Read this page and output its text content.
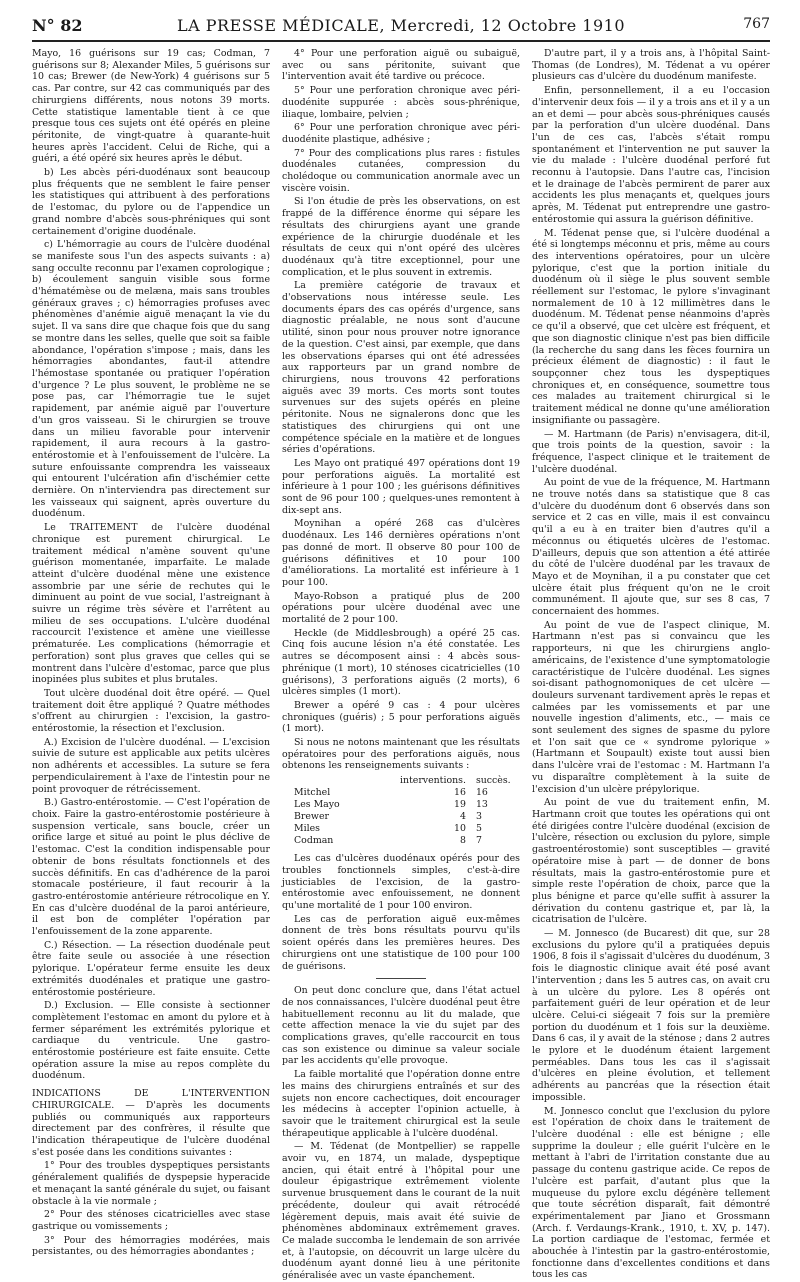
N° 82	LA PRESSE MÉDICALE, Mercredi, 12 Octobre 1910	767

Mayo, 16 guérisons sur 19 cas; Codman, 7 guérisons sur 8; Alexander Miles, 5 guérisons sur 10 cas; Brewer (de New-York) 4 guérisons sur 5 cas. Par contre, sur 42 cas communiqués par des chirurgiens différents, nous notons 39 morts. Cette statistique lamentable tient à ce que presque tous ces sujets ont été opérés en pleine péritonite, de vingt-quatre à quarante-huit heures après l'accident. Celui de Riche, qui a guéri, a été opéré six heures après le début.

b) Les abcès péri-duodénaux sont beaucoup plus fréquents que ne semblent le faire penser les statistiques qui attribuent à des perforations de l'estomac, du pylore ou de l'appendice un grand nombre d'abcès sous-phréniques qui sont certainement d'origine duodénale.

c) L'hémorragie au cours de l'ulcère duodénal se manifeste sous l'un des aspects suivants : a) sang occulte reconnu par l'examen coprologique ; b) écoulement sanguin visible sous forme d'hématémèse ou de melæna, mais sans troubles généraux graves ; c) hémorragies profuses avec phénomènes d'anémie aiguë menaçant la vie du sujet. Il va sans dire que chaque fois que du sang se montre dans les selles, quelle que soit sa faible abondance, l'opération s'impose ; mais, dans les hémorragies abondantes, faut-il attendre l'hémostase spontanée ou pratiquer l'opération d'urgence ? Le plus souvent, le problème ne se pose pas, car l'hémorragie tue le sujet rapidement, par anémie aiguë par l'ouverture d'un gros vaisseau. Si le chirurgien se trouve dans un milieu favorable pour intervenir rapidement, il aura recours à la gastro-entérostomie et à l'enfouissement de l'ulcère. La suture enfouissante comprendra les vaisseaux qui entourent l'ulcération afin d'ischémier cette dernière. On n'interviendra pas directement sur les vaisseaux qui saignent, après ouverture du duodénum.

Le TRAITEMENT de l'ulcère duodénal chronique est purement chirurgical. Le traitement médical n'amène souvent qu'une guérison momentanée, imparfaite. Le malade atteint d'ulcère duodénal mène une existence assombrie par une série de rechutes qui le diminuent au point de vue social, l'astreignant à suivre un régime très sévère et l'arrêtent au milieu de ses occupations. L'ulcère duodénal raccourcit l'existence et amène une vieillesse prématurée. Les complications (hémorragie et perforation) sont plus graves que celles qui se montrent dans l'ulcère d'estomac, parce que plus inopinées plus subites et plus brutales.

Tout ulcère duodénal doit être opéré. — Quel traitement doit être appliqué ? Quatre méthodes s'offrent au chirurgien : l'excision, la gastro-entérostomie, la résection et l'exclusion.

A.) Excision de l'ulcère duodénal. — L'excision suivie de suture est applicable aux petits ulcères non adhérents et accessibles. La suture se fera perpendiculairement à l'axe de l'intestin pour ne point provoquer de rétrécissement.

B.) Gastro-entérostomie. — C'est l'opération de choix. Faire la gastro-entérostomie postérieure à suspension verticale, sans boucle, créer un orifice large et situé au point le plus déclive de l'estomac. C'est la condition indispensable pour obtenir de bons résultats fonctionnels et des succès définitifs. En cas d'adhérence de la paroi stomacale postérieure, il faut recourir à la gastro-entérostomie antérieure rétrocolique en Y. En cas d'ulcère duodénal de la paroi antérieure, il est bon de compléter l'opération par l'enfouissement de la zone apparente.

C.) Résection. — La résection duodénale peut être faite seule ou associée à une résection pylorique. L'opérateur ferme ensuite les deux extrémités duodénales et pratique une gastro-entérostomie postérieure.

D.) Exclusion. — Elle consiste à sectionner complètement l'estomac en amont du pylore et à fermer séparément les extrémités pylorique et cardiaque du ventricule. Une gastro-entérostomie postérieure est faite ensuite. Cette opération assure la mise au repos complète du duodénum.

INDICATIONS DE L'INTERVENTION CHIRURGICALE. — D'après les documents publiés ou communiqués aux rapporteurs directement par des confrères, il résulte que l'indication thérapeutique de l'ulcère duodénal s'est posée dans les conditions suivantes :

1° Pour des troubles dyspeptiques persistants généralement qualifiés de dyspepsie hyperacide et menaçant la santé générale du sujet, ou faisant obstacle à la vie normale ;

2° Pour des sténoses cicatricielles avec stase gastrique ou vomissements ;

3° Pour des hémorragies modérées, mais persistantes, ou des hémorragies abondantes ;

4° Pour une perforation aiguë ou subaiguë, avec ou sans péritonite, suivant que l'intervention avait été tardive ou précoce.

5° Pour une perforation chronique avec péri-duodénite suppurée : abcès sous-phrénique, iliaque, lombaire, pelvien ;

6° Pour une perforation chronique avec péri-duodénite plastique, adhésive ;

7° Pour des complications plus rares : fistules duodénales cutanées, compression du cholédoque ou communication anormale avec un viscère voisin.

Si l'on étudie de près les observations, on est frappé de la différence énorme qui sépare les résultats des chirurgiens ayant une grande expérience de la chirurgie duodénale et les résultats de ceux qui n'ont opéré des ulcères duodénaux qu'à titre exceptionnel, pour une complication, et le plus souvent in extremis.

La première catégorie de travaux et d'observations nous intéresse seule. Les documents épars des cas opérés d'urgence, sans diagnostic préalable, ne nous sont d'aucune utilité, sinon pour nous prouver notre ignorance de la question. C'est ainsi, par exemple, que dans les observations éparses qui ont été adressées aux rapporteurs par un grand nombre de chirurgiens, nous trouvons 42 perforations aiguës avec 39 morts. Ces morts sont toutes survenues sur des sujets opérés en pleine péritonite. Nous ne signalerons donc que les statistiques des chirurgiens qui ont une compétence spéciale en la matière et de longues séries d'opérations.

Les Mayo ont pratiqué 497 opérations dont 19 pour perforations aiguës. La mortalité est inférieure à 1 pour 100 ; les guérisons définitives sont de 96 pour 100 ; quelques-unes remontent à dix-sept ans.

Moynihan a opéré 268 cas d'ulcères duodénaux. Les 146 dernières opérations n'ont pas donné de mort. Il observe 80 pour 100 de guérisons définitives et 10 pour 100 d'améliorations. La mortalité est inférieure à 1 pour 100.

Mayo-Robson a pratiqué plus de 200 opérations pour ulcère duodénal avec une mortalité de 2 pour 100.

Heckle (de Middlesbrough) a opéré 25 cas. Cinq fois aucune lésion n'a été constatée. Les autres se décomposent ainsi : 4 abcès sous-phrénique (1 mort), 10 sténoses cicatricielles (10 guérisons), 3 perforations aiguës (2 morts), 6 ulcères simples (1 mort).

Brewer a opéré 9 cas : 4 pour ulcères chroniques (guéris) ; 5 pour perforations aiguës (1 mort).

Si nous ne notons maintenant que les résultats opératoires pour des perforations aiguës, nous obtenons les renseignements suivants :

	interventions.	succès.
Mitchel	16	16
Les Mayo	19	13
Brewer	4	3
Miles	10	5
Codman	8	7

Les cas d'ulcères duodénaux opérés pour des troubles fonctionnels simples, c'est-à-dire justiciables de l'excision, de la gastro-entérostomie avec enfouissement, ne donnent qu'une mortalité de 1 pour 100 environ.

Les cas de perforation aiguë eux-mêmes donnent de très bons résultats pourvu qu'ils soient opérés dans les premières heures. Des chirurgiens ont une statistique de 100 pour 100 de guérisons.

On peut donc conclure que, dans l'état actuel de nos connaissances, l'ulcère duodénal peut être habituellement reconnu au lit du malade, que cette affection menace la vie du sujet par des complications graves, qu'elle raccourcit en tous cas son existence ou diminue sa valeur sociale par les accidents qu'elle provoque.

La faible mortalité que l'opération donne entre les mains des chirurgiens entraînés et sur des sujets non encore cachectiques, doit encourager les médecins à accepter l'opinion actuelle, à savoir que le traitement chirurgical est la seule thérapeutique applicable à l'ulcère duodénal.

— M. Tédenat (de Montpellier) se rappelle avoir vu, en 1874, un malade, dyspeptique ancien, qui était entré à l'hôpital pour une douleur épigastrique extrêmement violente survenue brusquement dans le courant de la nuit précédente, douleur qui avait rétrocédé légèrement depuis, mais avait été suivie de phénomènes abdominaux extrêmement graves. Ce malade succomba le lendemain de son arrivée et, à l'autopsie, on découvrit un large ulcère du duodénum ayant donné lieu à une péritonite généralisée avec un vaste épanchement.

D'autre part, il y a trois ans, à l'hôpital Saint-Thomas (de Londres), M. Tédenat a vu opérer plusieurs cas d'ulcère du duodénum manifeste.

Enfin, personnellement, il a eu l'occasion d'intervenir deux fois — il y a trois ans et il y a un an et demi — pour abcès sous-phréniques causés par la perforation d'un ulcère duodénal. Dans l'un de ces cas, l'abcès s'était rompu spontanément et l'intervention ne put sauver la vie du malade : l'ulcère duodénal perforé fut reconnu à l'autopsie. Dans l'autre cas, l'incision et le drainage de l'abcès permirent de parer aux accidents les plus menaçants et, quelques jours après, M. Tédenat put entreprendre une gastro-entérostomie qui assura la guérison définitive.

M. Tédenat pense que, si l'ulcère duodénal a été si longtemps méconnu et pris, même au cours des interventions opératoires, pour un ulcère pylorique, c'est que la portion initiale du duodénum où il siège le plus souvent semble réellement sur l'estomac, le pylore s'invaginant normalement de 10 à 12 millimètres dans le duodénum. M. Tédenat pense néanmoins d'après ce qu'il a observé, que cet ulcère est fréquent, et que son diagnostic clinique n'est pas bien difficile (la recherche du sang dans les fèces fournira un précieux élément de diagnostic) : il faut le soupçonner chez tous les dyspeptiques chroniques et, en conséquence, soumettre tous ces malades au traitement chirurgical si le traitement médical ne donne qu'une amélioration insignifiante ou passagère.

— M. Hartmann (de Paris) n'envisagera, dit-il, que trois points de la question, savoir : la fréquence, l'aspect clinique et le traitement de l'ulcère duodénal.

Au point de vue de la fréquence, M. Hartmann ne trouve notés dans sa statistique que 8 cas d'ulcère du duodénum dont 6 observés dans son service et 2 cas en ville, mais il est convaincu qu'il a eu à en traiter bien d'autres qu'il a méconnus ou étiquetés ulcères de l'estomac. D'ailleurs, depuis que son attention a été attirée du côté de l'ulcère duodénal par les travaux de Mayo et de Moynihan, il a pu constater que cet ulcère était plus fréquent qu'on ne le croit communément. Il ajoute que, sur ses 8 cas, 7 concernaient des hommes.

Au point de vue de l'aspect clinique, M. Hartmann n'est pas si convaincu que les rapporteurs, ni que les chirurgiens anglo-américains, de l'existence d'une symptomatologie caractéristique de l'ulcère duodénal. Les signes soi-disant pathognomoniques de cet ulcère — douleurs survenant tardivement après le repas et calmées par les vomissements et par une nouvelle ingestion d'aliments, etc., — mais ce sont seulement des signes de spasme du pylore et l'on sait que ce « syndrome pylorique » (Hartmann et Soupault) existe tout aussi bien dans l'ulcère vrai de l'estomac : M. Hartmann l'a vu disparaître complètement à la suite de l'excision d'un ulcère prépylorique.

Au point de vue du traitement enfin, M. Hartmann croit que toutes les opérations qui ont été dirigées contre l'ulcère duodénal (excision de l'ulcère, résection ou exclusion du pylore, simple gastroentérostomie) sont susceptibles — gravité opératoire mise à part — de donner de bons résultats, mais la gastro-entérostomie pure et simple reste l'opération de choix, parce que la plus bénigne et parce qu'elle suffit à assurer la dérivation du contenu gastrique et, par là, la cicatrisation de l'ulcère.

— M. Jonnesco (de Bucarest) dit que, sur 28 exclusions du pylore qu'il a pratiquées depuis 1906, 8 fois il s'agissait d'ulcères du duodénum, 3 fois le diagnostic clinique avait été posé avant l'intervention ; dans les 5 autres cas, on avait cru à un ulcère du pylore. Les 8 opérés ont parfaitement guéri de leur opération et de leur ulcère. Celui-ci siégeait 7 fois sur la première portion du duodénum et 1 fois sur la deuxième. Dans 6 cas, il y avait de la sténose ; dans 2 autres le pylore et le duodénum étaient largement perméables. Dans tous les cas il s'agissait d'ulcères en pleine évolution, et tellement adhérents au pancréas que la résection était impossible.

M. Jonnesco conclut que l'exclusion du pylore est l'opération de choix dans le traitement de l'ulcère duodénal : elle est bénigne ; elle supprime la douleur ; elle guérit l'ulcère en le mettant à l'abri de l'irritation constante due au passage du contenu gastrique acide. Ce repos de l'ulcère est parfait, d'autant plus que la muqueuse du pylore exclu dégénère tellement que toute sécrétion disparaît, fait démontré expérimentalement par Jiano et Grossmann (Arch. f. Verdaungs-Krank., 1910, t. XV, p. 147). La portion cardiaque de l'estomac, fermée et abouchée à l'intestin par la gastro-entérostomie, fonctionne dans d'excellentes conditions et dans tous les cas
